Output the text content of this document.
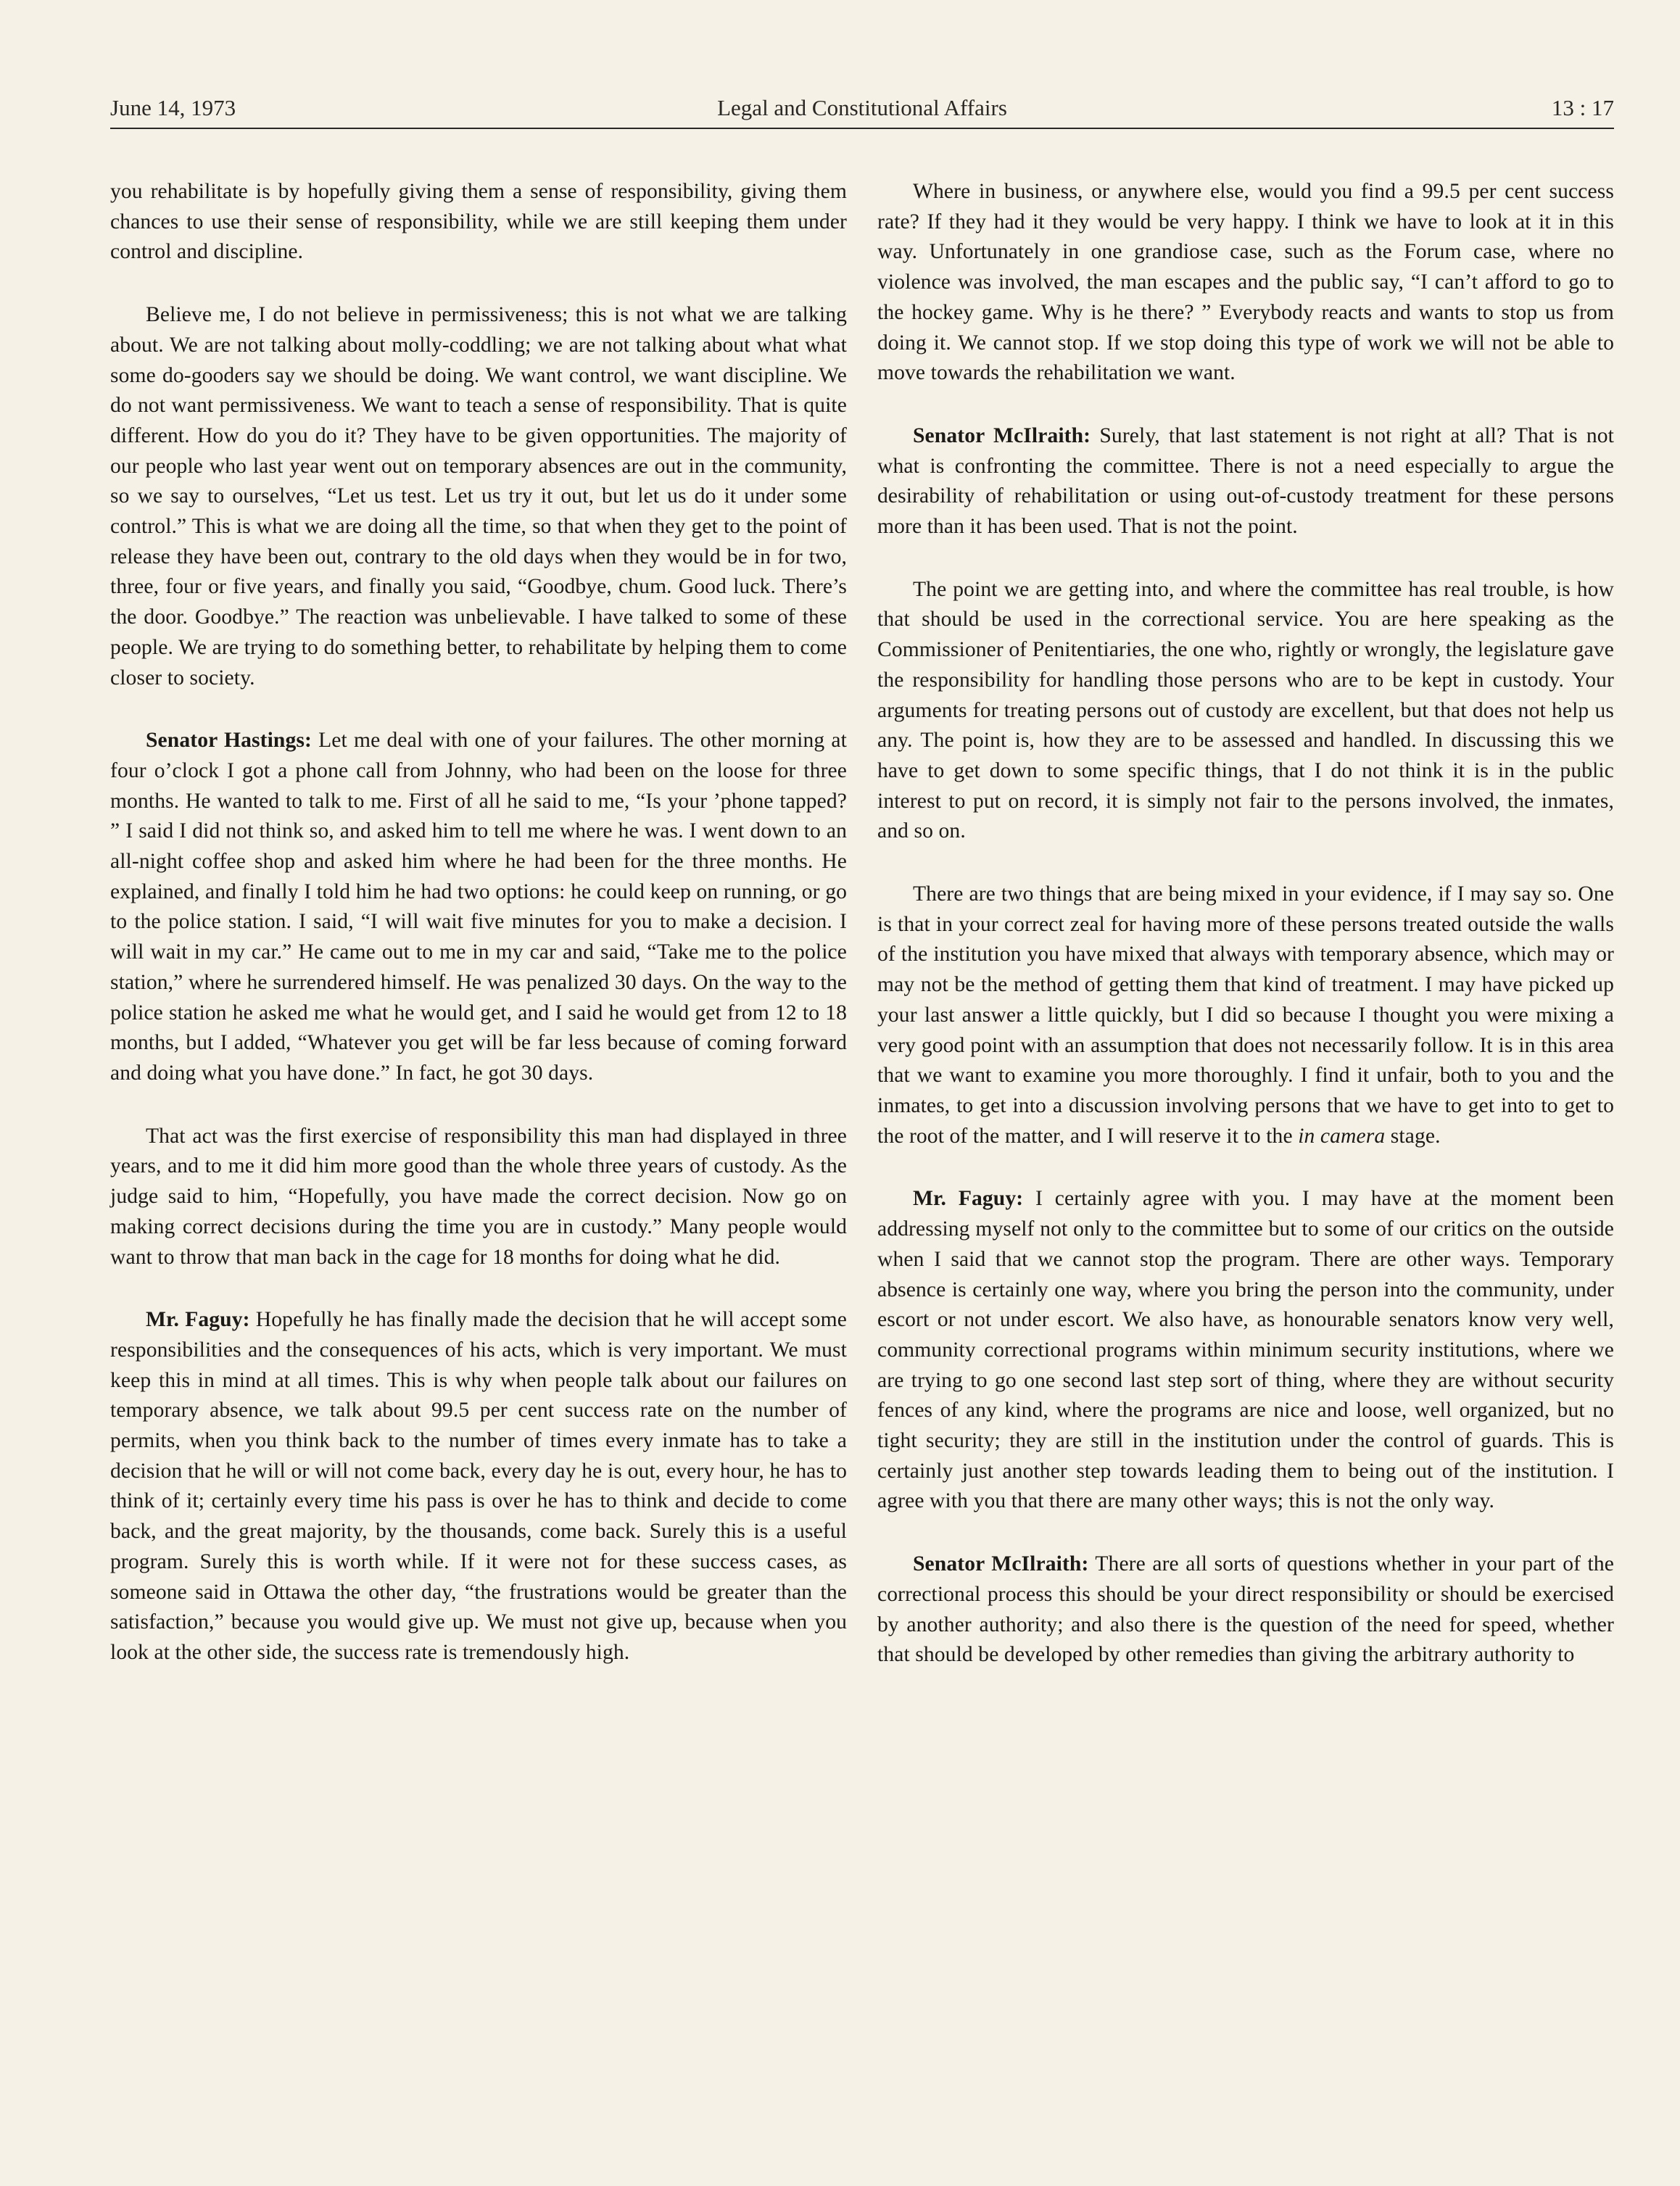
June 14, 1973	Legal and Constitutional Affairs	13 : 17

you rehabilitate is by hopefully giving them a sense of responsibility, giving them chances to use their sense of responsibility, while we are still keeping them under control and discipline.

Believe me, I do not believe in permissiveness; this is not what we are talking about. We are not talking about molly-coddling; we are not talking about what what some do-gooders say we should be doing. We want control, we want discipline. We do not want permissiveness. We want to teach a sense of responsibility. That is quite different. How do you do it? They have to be given opportunities. The majority of our people who last year went out on temporary absences are out in the community, so we say to ourselves, “Let us test. Let us try it out, but let us do it under some control.” This is what we are doing all the time, so that when they get to the point of release they have been out, contrary to the old days when they would be in for two, three, four or five years, and finally you said, “Goodbye, chum. Good luck. There’s the door. Goodbye.” The reaction was unbelievable. I have talked to some of these people. We are trying to do something better, to rehabilitate by helping them to come closer to society.

Senator Hastings: Let me deal with one of your failures. The other morning at four o’clock I got a phone call from Johnny, who had been on the loose for three months. He wanted to talk to me. First of all he said to me, “Is your ’phone tapped? ” I said I did not think so, and asked him to tell me where he was. I went down to an all-night coffee shop and asked him where he had been for the three months. He explained, and finally I told him he had two options: he could keep on running, or go to the police station. I said, “I will wait five minutes for you to make a decision. I will wait in my car.” He came out to me in my car and said, “Take me to the police station,” where he surrendered himself. He was penalized 30 days. On the way to the police station he asked me what he would get, and I said he would get from 12 to 18 months, but I added, “Whatever you get will be far less because of coming forward and doing what you have done.” In fact, he got 30 days.

That act was the first exercise of responsibility this man had displayed in three years, and to me it did him more good than the whole three years of custody. As the judge said to him, “Hopefully, you have made the correct decision. Now go on making correct decisions during the time you are in custody.” Many people would want to throw that man back in the cage for 18 months for doing what he did.

Mr. Faguy: Hopefully he has finally made the decision that he will accept some responsibilities and the consequences of his acts, which is very important. We must keep this in mind at all times. This is why when people talk about our failures on temporary absence, we talk about 99.5 per cent success rate on the number of permits, when you think back to the number of times every inmate has to take a decision that he will or will not come back, every day he is out, every hour, he has to think of it; certainly every time his pass is over he has to think and decide to come back, and the great majority, by the thousands, come back. Surely this is a useful program. Surely this is worth while. If it were not for these success cases, as someone said in Ottawa the other day, “the frustrations would be greater than the satisfaction,” because you would give up. We must not give up, because when you look at the other side, the success rate is tremendously high.

Where in business, or anywhere else, would you find a 99.5 per cent success rate? If they had it they would be very happy. I think we have to look at it in this way. Unfortunately in one grandiose case, such as the Forum case, where no violence was involved, the man escapes and the public say, “I can’t afford to go to the hockey game. Why is he there? ” Everybody reacts and wants to stop us from doing it. We cannot stop. If we stop doing this type of work we will not be able to move towards the rehabilitation we want.

Senator McIlraith: Surely, that last statement is not right at all? That is not what is confronting the committee. There is not a need especially to argue the desirability of rehabilitation or using out-of-custody treatment for these persons more than it has been used. That is not the point.

The point we are getting into, and where the committee has real trouble, is how that should be used in the correctional service. You are here speaking as the Commissioner of Penitentiaries, the one who, rightly or wrongly, the legislature gave the responsibility for handling those persons who are to be kept in custody. Your arguments for treating persons out of custody are excellent, but that does not help us any. The point is, how they are to be assessed and handled. In discussing this we have to get down to some specific things, that I do not think it is in the public interest to put on record, it is simply not fair to the persons involved, the inmates, and so on.

There are two things that are being mixed in your evidence, if I may say so. One is that in your correct zeal for having more of these persons treated outside the walls of the institution you have mixed that always with temporary absence, which may or may not be the method of getting them that kind of treatment. I may have picked up your last answer a little quickly, but I did so because I thought you were mixing a very good point with an assumption that does not necessarily follow. It is in this area that we want to examine you more thoroughly. I find it unfair, both to you and the inmates, to get into a discussion involving persons that we have to get into to get to the root of the matter, and I will reserve it to the in camera stage.

Mr. Faguy: I certainly agree with you. I may have at the moment been addressing myself not only to the committee but to some of our critics on the outside when I said that we cannot stop the program. There are other ways. Temporary absence is certainly one way, where you bring the person into the community, under escort or not under escort. We also have, as honourable senators know very well, community correctional programs within minimum security institutions, where we are trying to go one second last step sort of thing, where they are without security fences of any kind, where the programs are nice and loose, well organized, but no tight security; they are still in the institution under the control of guards. This is certainly just another step towards leading them to being out of the institution. I agree with you that there are many other ways; this is not the only way.

Senator McIlraith: There are all sorts of questions whether in your part of the correctional process this should be your direct responsibility or should be exercised by another authority; and also there is the question of the need for speed, whether that should be developed by other remedies than giving the arbitrary authority to
